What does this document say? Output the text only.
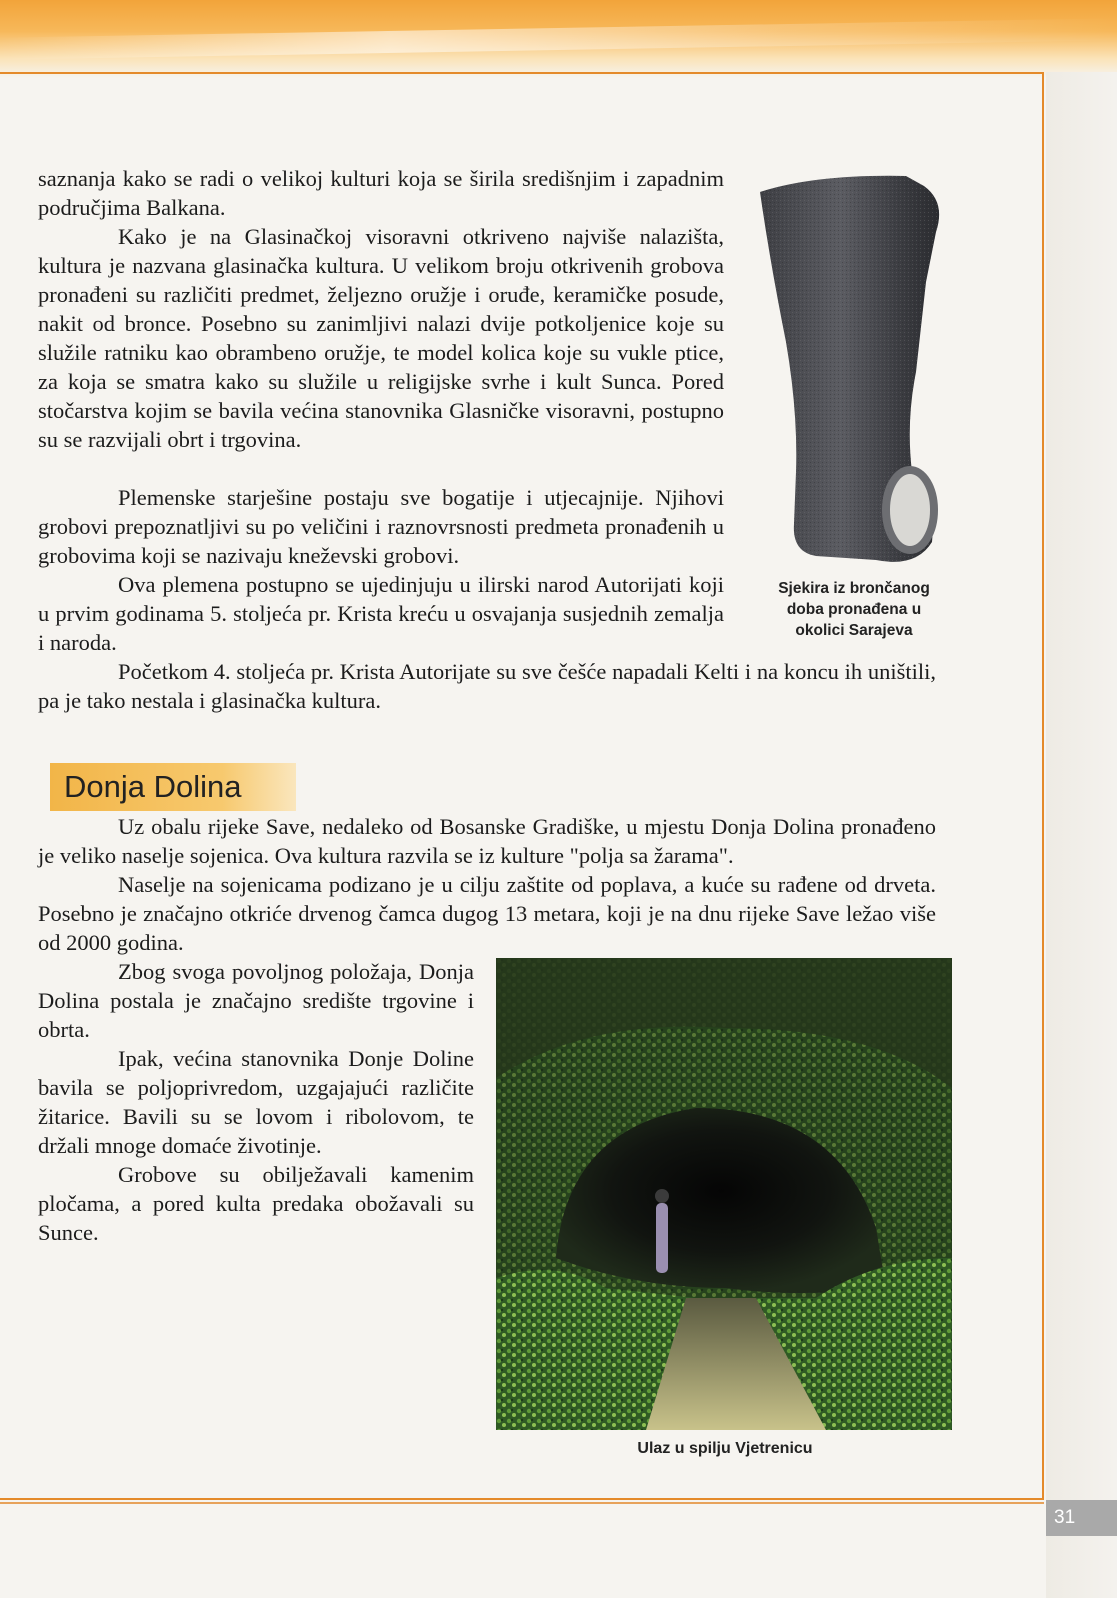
31

saznanja kako se radi o velikoj kulturi koja se širila središnjim i zapadnim područjima Balkana.

Kako je na Glasinačkoj visoravni otkriveno najviše nalazišta, kultura je nazvana glasinačka kultura. U velikom broju otkrivenih grobova pronađeni su različiti predmet, željezno oružje i oruđe, keramičke posude, nakit od bronce. Posebno su zanimljivi nalazi dvije potkoljenice koje su služile ratniku kao obrambeno oružje, te model kolica koje su vukle ptice, za koja se smatra kako su služile u religijske svrhe i kult Sunca. Pored stočarstva kojim se bavila većina stanovnika Glasničke visoravni, postupno su se razvijali obrt i trgovina.

Plemenske starješine postaju sve bogatije i utjecajnije. Njihovi grobovi prepoznatljivi su po veličini i raznovrsnosti predmeta pronađenih u grobovima koji se nazivaju kneževski grobovi.

Ova plemena postupno se ujedinjuju u ilirski narod Autorijati koji u prvim godinama 5. stoljeća pr. Krista kreću u osvajanja susjednih zemalja i naroda.

Početkom 4. stoljeća pr. Krista Autorijate su sve češće napadali Kelti i na koncu ih uništili, pa je tako nestala i glasinačka kultura.

Sjekira iz brončanog
doba pronađena u
okolici Sarajeva
Donja Dolina

Uz obalu rijeke Save, nedaleko od Bosanske Gradiške, u mjestu Donja Dolina pronađeno je veliko naselje sojenica. Ova kultura razvila se iz kulture "polja sa žarama".

Naselje na sojenicama podizano je u cilju zaštite od poplava, a kuće su rađene od drveta. Posebno je značajno otkriće drvenog čamca dugog 13 metara, koji je na dnu rijeke Save ležao više od 2000 godina.

Zbog svoga povoljnog položaja, Donja Dolina postala je značajno središte trgovine i obrta.

Ipak, većina stanovnika Donje Doline bavila se poljoprivredom, uzgajajući različite žitarice. Bavili su se lovom i ribolovom, te držali mnoge domaće životinje.

Grobove su obilježavali kamenim pločama, a pored kulta predaka obožavali su Sunce.

Ulaz u spilju Vjetrenicu
